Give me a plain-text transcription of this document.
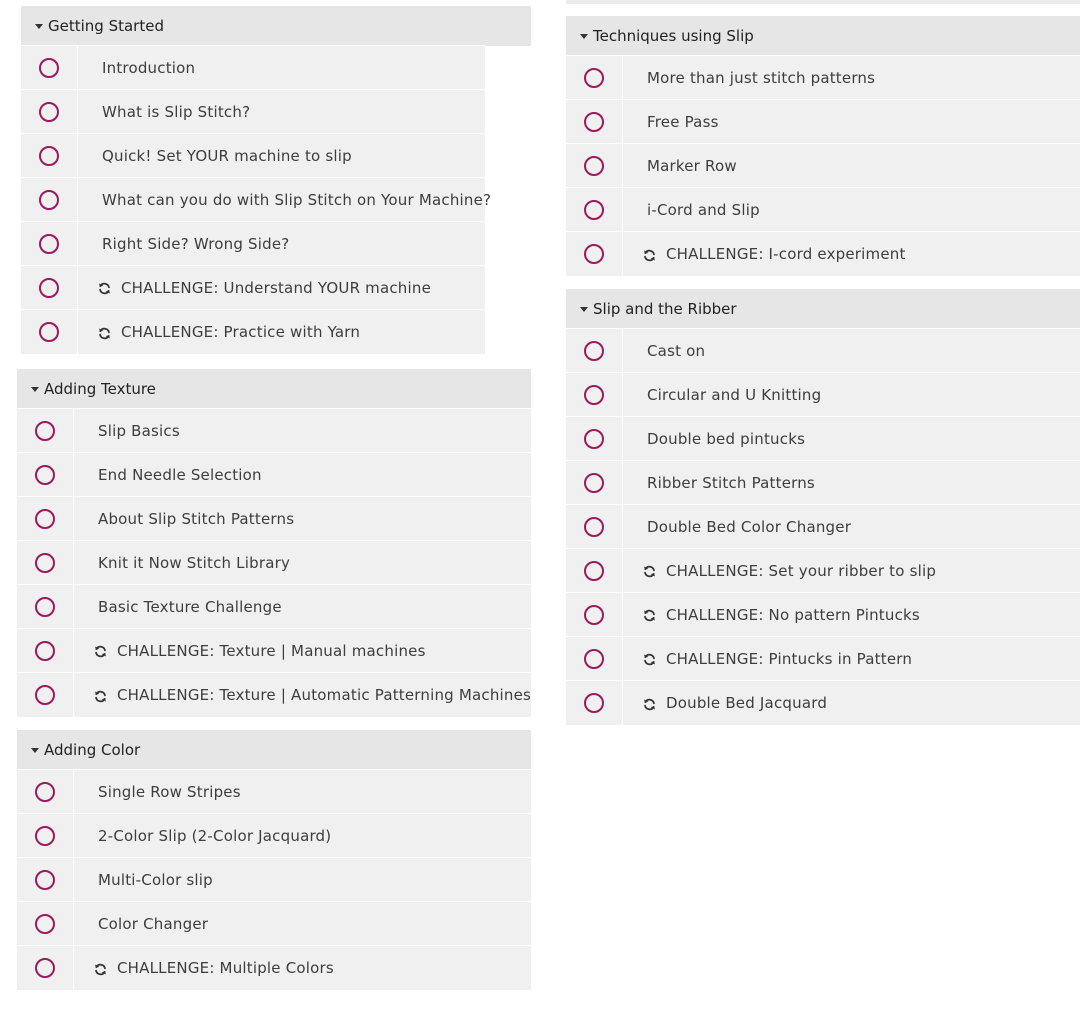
Getting Started
Introduction
What is Slip Stitch?
Quick! Set YOUR machine to slip
What can you do with Slip Stitch on Your Machine?
Right Side? Wrong Side?
CHALLENGE: Understand YOUR machine
CHALLENGE: Practice with Yarn
Adding Texture
Slip Basics
End Needle Selection
About Slip Stitch Patterns
Knit it Now Stitch Library
Basic Texture Challenge
CHALLENGE: Texture | Manual machines
CHALLENGE: Texture | Automatic Patterning Machines
Adding Color
Single Row Stripes
2-Color Slip (2-Color Jacquard)
Multi-Color slip
Color Changer
CHALLENGE: Multiple Colors
Techniques using Slip
More than just stitch patterns
Free Pass
Marker Row
i-Cord and Slip
CHALLENGE: I-cord experiment
Slip and the Ribber
Cast on
Circular and U Knitting
Double bed pintucks
Ribber Stitch Patterns
Double Bed Color Changer
CHALLENGE: Set your ribber to slip
CHALLENGE: No pattern Pintucks
CHALLENGE: Pintucks in Pattern
Double Bed Jacquard
